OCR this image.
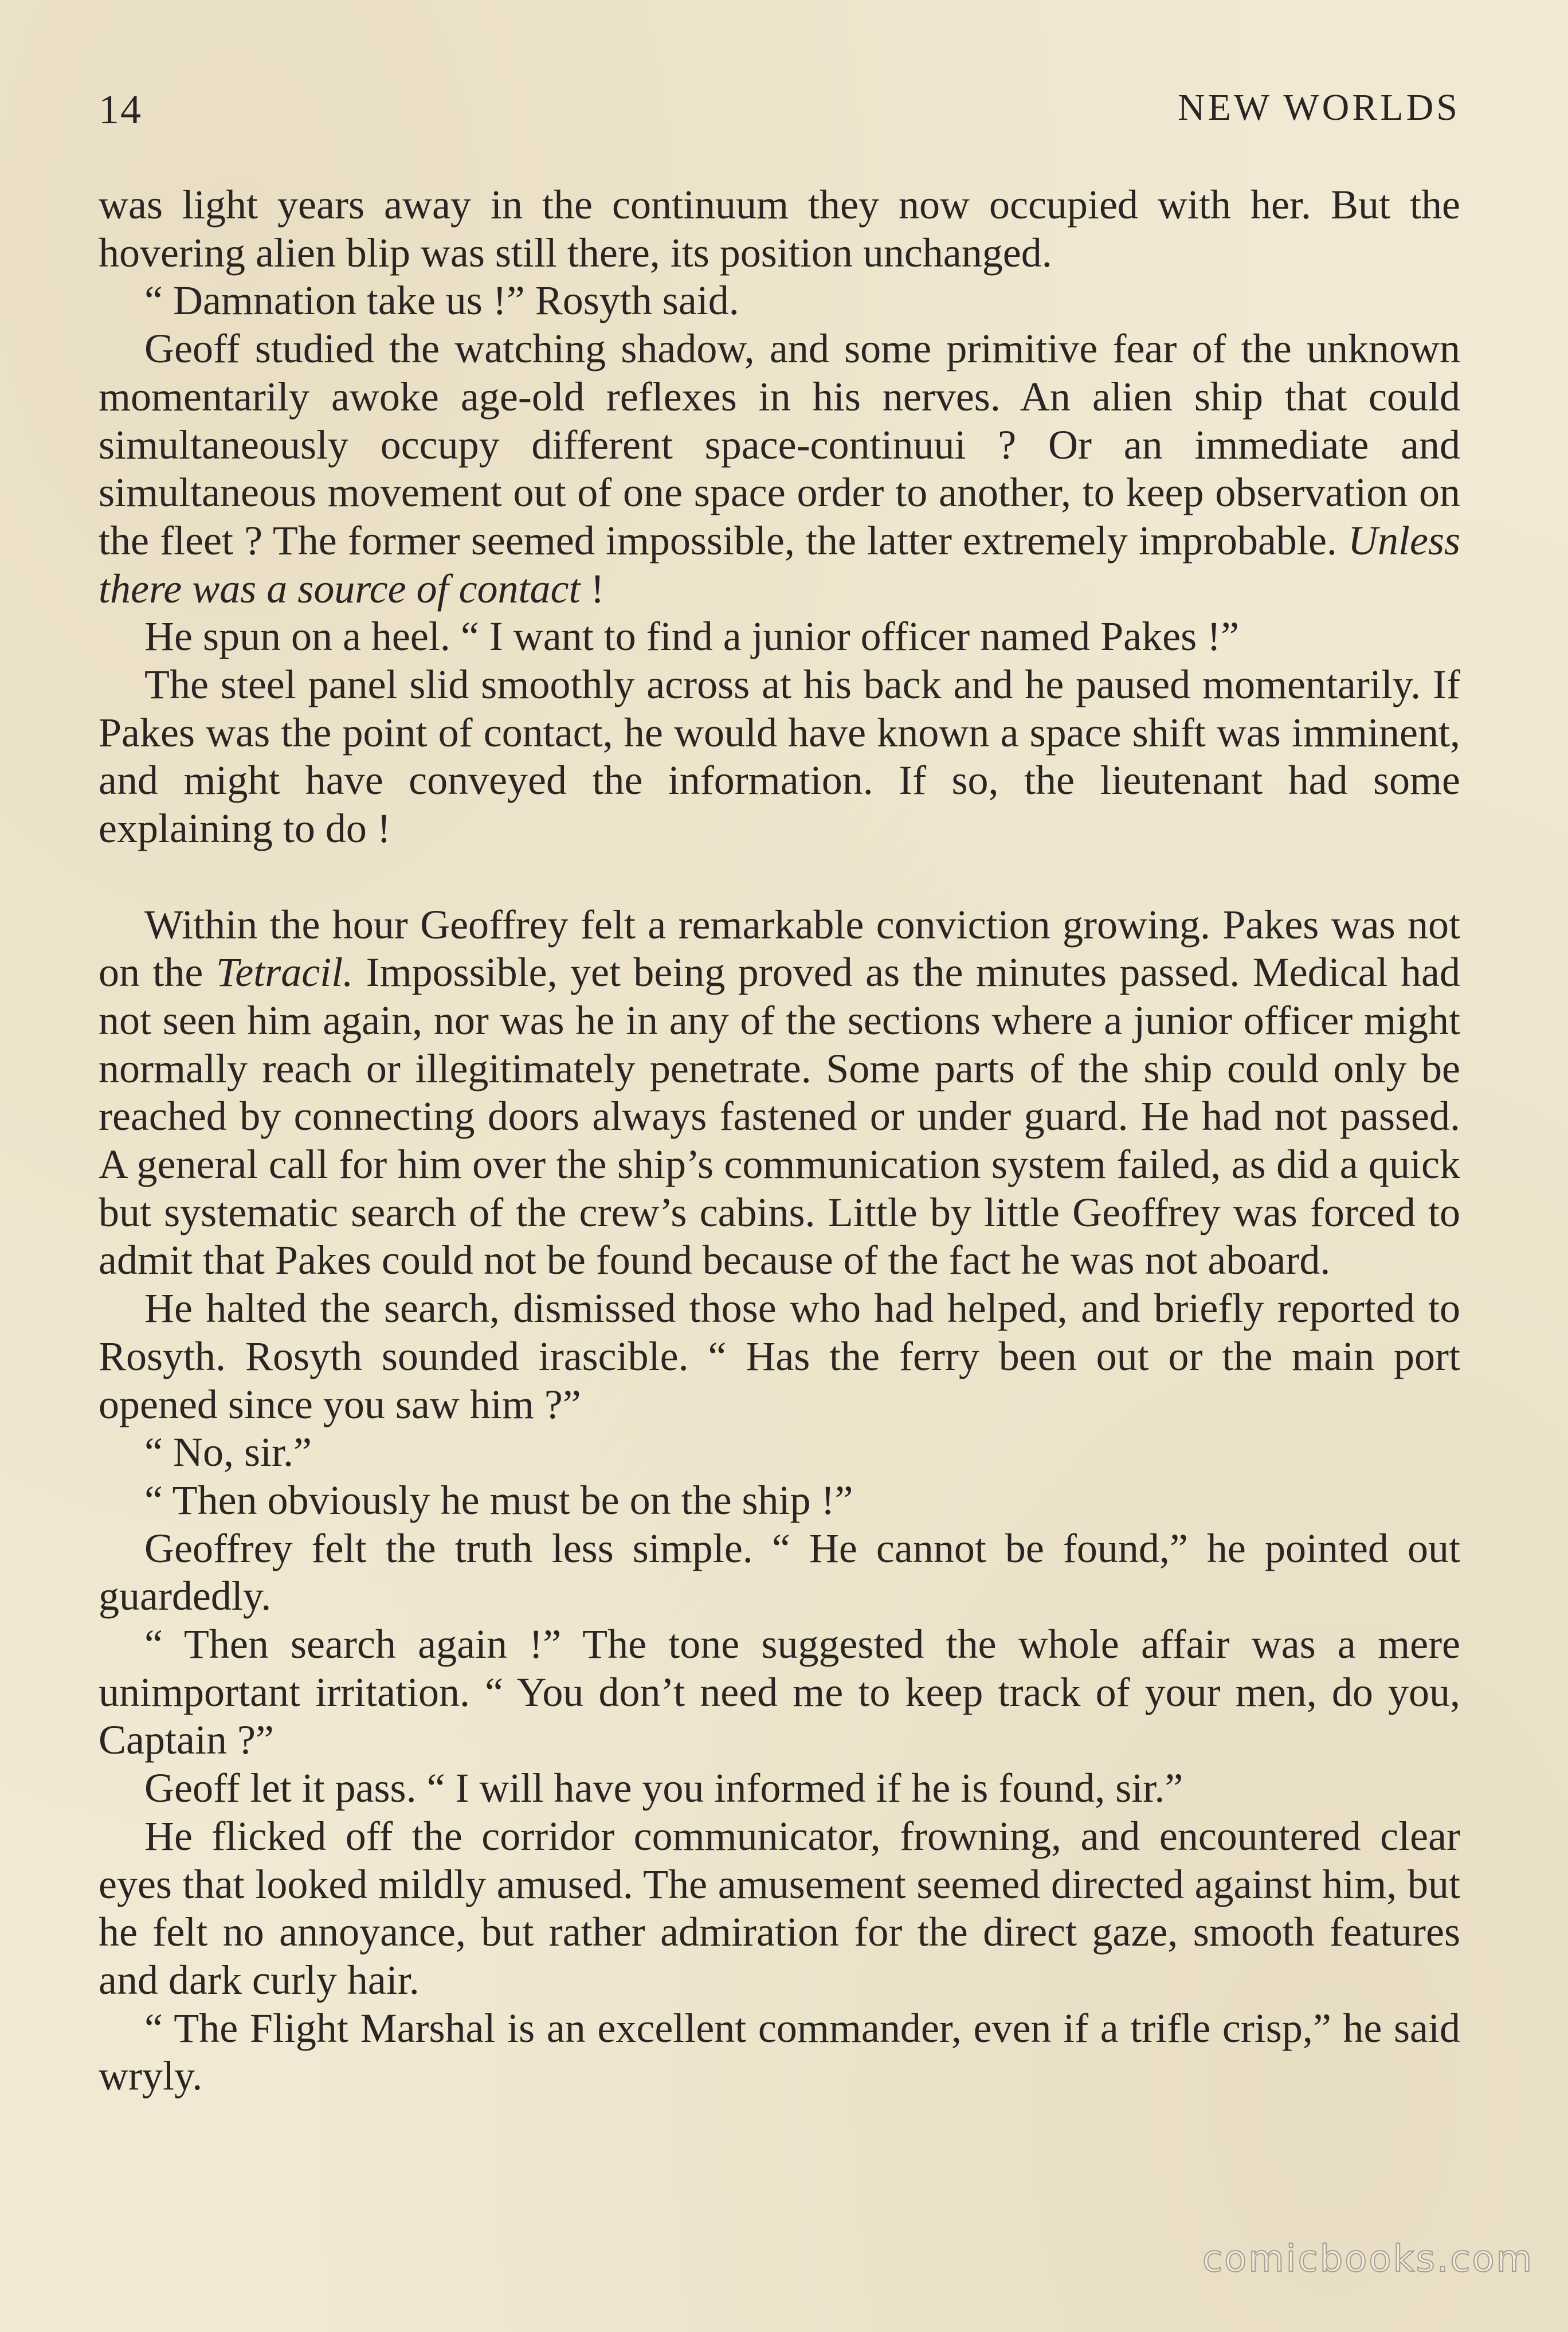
14	NEW WORLDS

was light years away in the continuum they now occupied with her. But the hovering alien blip was still there, its position unchanged.

“ Damnation take us !” Rosyth said.

Geoff studied the watching shadow, and some primitive fear of the unknown momentarily awoke age-old reflexes in his nerves. An alien ship that could simultaneously occupy different space-continuui ? Or an immediate and simultaneous movement out of one space order to another, to keep observation on the fleet ? The former seemed impossible, the latter extremely improbable. Unless there was a source of contact !

He spun on a heel. “ I want to find a junior officer named Pakes !”

The steel panel slid smoothly across at his back and he paused momentarily. If Pakes was the point of contact, he would have known a space shift was imminent, and might have conveyed the information. If so, the lieutenant had some explaining to do !

Within the hour Geoffrey felt a remarkable conviction growing. Pakes was not on the Tetracil. Impossible, yet being proved as the minutes passed. Medical had not seen him again, nor was he in any of the sections where a junior officer might normally reach or illegitimately penetrate. Some parts of the ship could only be reached by connecting doors always fastened or under guard. He had not passed. A general call for him over the ship’s communication system failed, as did a quick but systematic search of the crew’s cabins. Little by little Geoffrey was forced to admit that Pakes could not be found because of the fact he was not aboard.

He halted the search, dismissed those who had helped, and briefly reported to Rosyth. Rosyth sounded irascible. “ Has the ferry been out or the main port opened since you saw him ?”

“ No, sir.”

“ Then obviously he must be on the ship !”

Geoffrey felt the truth less simple. “ He cannot be found,” he pointed out guardedly.

“ Then search again !” The tone suggested the whole affair was a mere unimportant irritation. “ You don’t need me to keep track of your men, do you, Captain ?”

Geoff let it pass. “ I will have you informed if he is found, sir.”

He flicked off the corridor communicator, frowning, and encountered clear eyes that looked mildly amused. The amusement seemed directed against him, but he felt no annoyance, but rather admiration for the direct gaze, smooth features and dark curly hair.

“ The Flight Marshal is an excellent commander, even if a trifle crisp,” he said wryly.

comicbooks.com
